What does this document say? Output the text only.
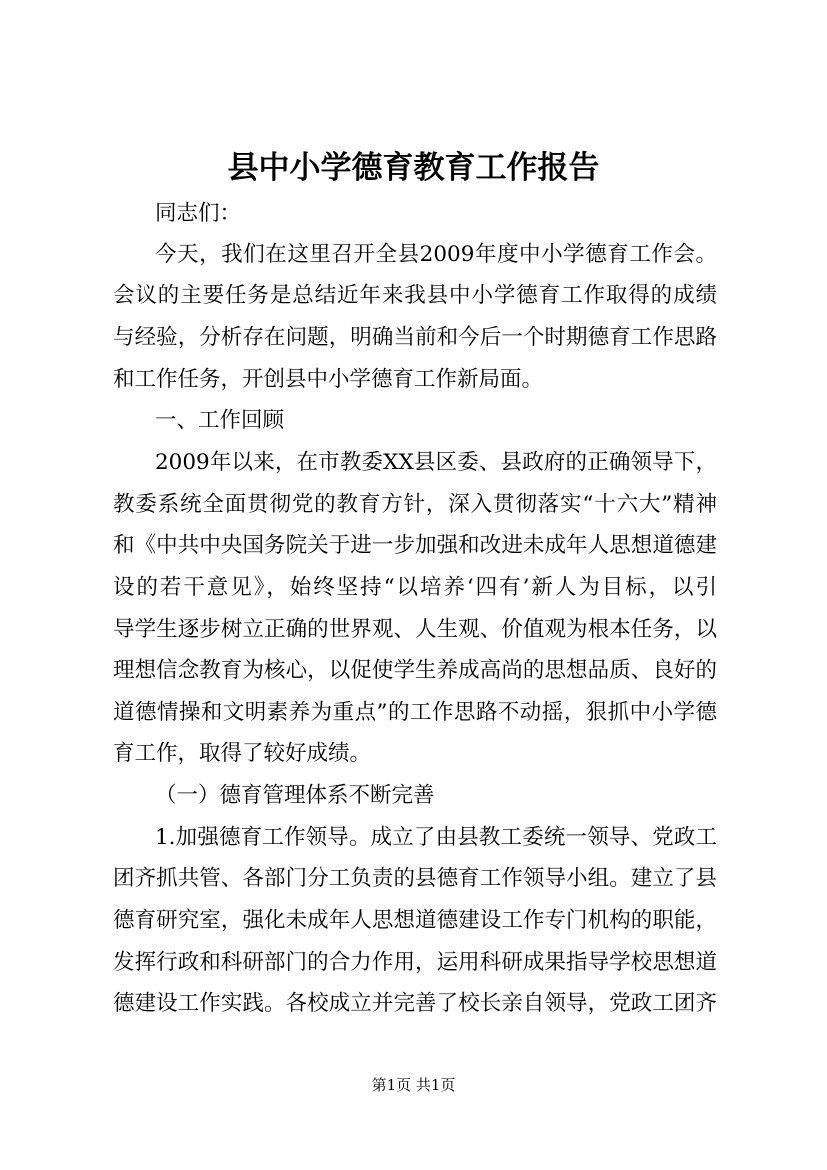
县中小学德育教育工作报告
同志们：
今天，我们在这里召开全县2009年度中小学德育工作会。
会议的主要任务是总结近年来我县中小学德育工作取得的成绩
与经验，分析存在问题，明确当前和今后一个时期德育工作思路
和工作任务，开创县中小学德育工作新局面。
一、工作回顾
2009年以来，在市教委XX县区委、县政府的正确领导下，
教委系统全面贯彻党的教育方针，深入贯彻落实“十六大”精神
和《中共中央国务院关于进一步加强和改进未成年人思想道德建
设的若干意见》，始终坚持“以培养‘四有’新人为目标，以引
导学生逐步树立正确的世界观、人生观、价值观为根本任务，以
理想信念教育为核心，以促使学生养成高尚的思想品质、良好的
道德情操和文明素养为重点”的工作思路不动摇，狠抓中小学德
育工作，取得了较好成绩。
（一）德育管理体系不断完善
1.加强德育工作领导。成立了由县教工委统一领导、党政工
团齐抓共管、各部门分工负责的县德育工作领导小组。建立了县
德育研究室，强化未成年人思想道德建设工作专门机构的职能，
发挥行政和科研部门的合力作用，运用科研成果指导学校思想道
德建设工作实践。各校成立并完善了校长亲自领导，党政工团齐
第1页 共1页
